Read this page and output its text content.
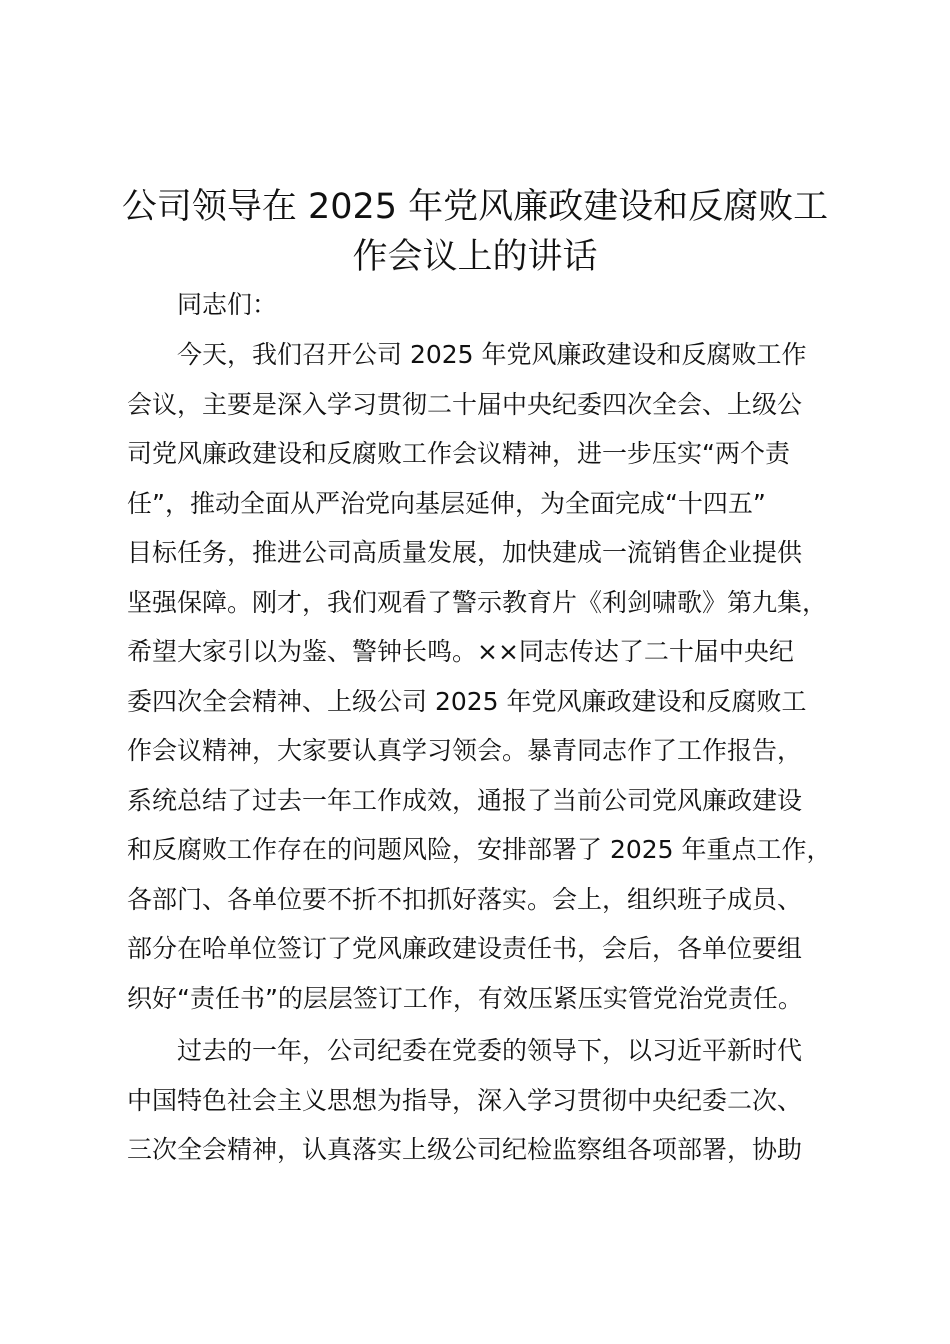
公司领导在 2025 年党风廉政建设和反腐败工
作会议上的讲话

同志们：

今天，我们召开公司 2025 年党风廉政建设和反腐败工作
会议，主要是深入学习贯彻二十届中央纪委四次全会、上级公
司党风廉政建设和反腐败工作会议精神，进一步压实“两个责
任”，推动全面从严治党向基层延伸，为全面完成“十四五”
目标任务，推进公司高质量发展，加快建成一流销售企业提供
坚强保障。刚才，我们观看了警示教育片《利剑啸歌》第九集，
希望大家引以为鉴、警钟长鸣。××同志传达了二十届中央纪
委四次全会精神、上级公司 2025 年党风廉政建设和反腐败工
作会议精神，大家要认真学习领会。暴青同志作了工作报告，
系统总结了过去一年工作成效，通报了当前公司党风廉政建设
和反腐败工作存在的问题风险，安排部署了 2025 年重点工作，
各部门、各单位要不折不扣抓好落实。会上，组织班子成员、
部分在哈单位签订了党风廉政建设责任书，会后，各单位要组
织好“责任书”的层层签订工作，有效压紧压实管党治党责任。
过去的一年，公司纪委在党委的领导下，以习近平新时代
中国特色社会主义思想为指导，深入学习贯彻中央纪委二次、
三次全会精神，认真落实上级公司纪检监察组各项部署，协助
